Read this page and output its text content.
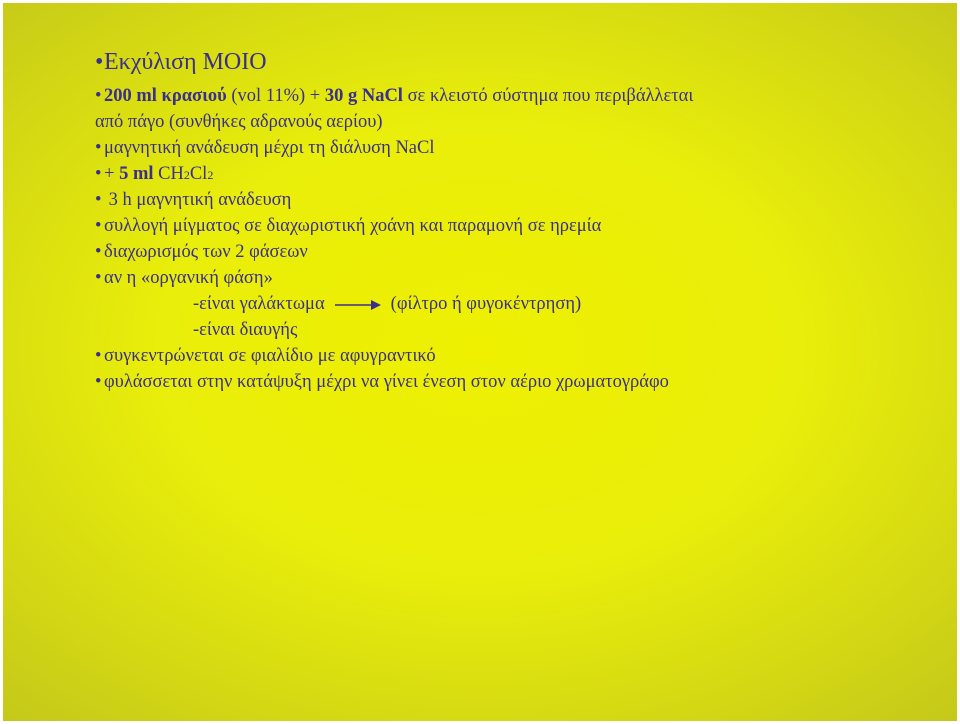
•Εκχύλιση MOIO
• 200 ml κρασιού (vol 11%) + 30 g NaCl σε κλειστό σύστημα που περιβάλλεται
από πάγο (συνθήκες αδρανούς αερίου)
• μαγνητική ανάδευση μέχρι τη διάλυση NaCl
• + 5 ml CH2Cl2
• 3 h μαγνητική ανάδευση
• συλλογή μίγματος σε διαχωριστική χοάνη και παραμονή σε ηρεμία
• διαχωρισμός των 2 φάσεων
• αν η «οργανική φάση»
-είναι γαλάκτωμα	(φίλτρο ή φυγοκέντρηση)
-είναι διαυγής
• συγκεντρώνεται σε φιαλίδιο με αφυγραντικό
• φυλάσσεται στην κατάψυξη μέχρι να γίνει ένεση στον αέριο χρωματογράφο
